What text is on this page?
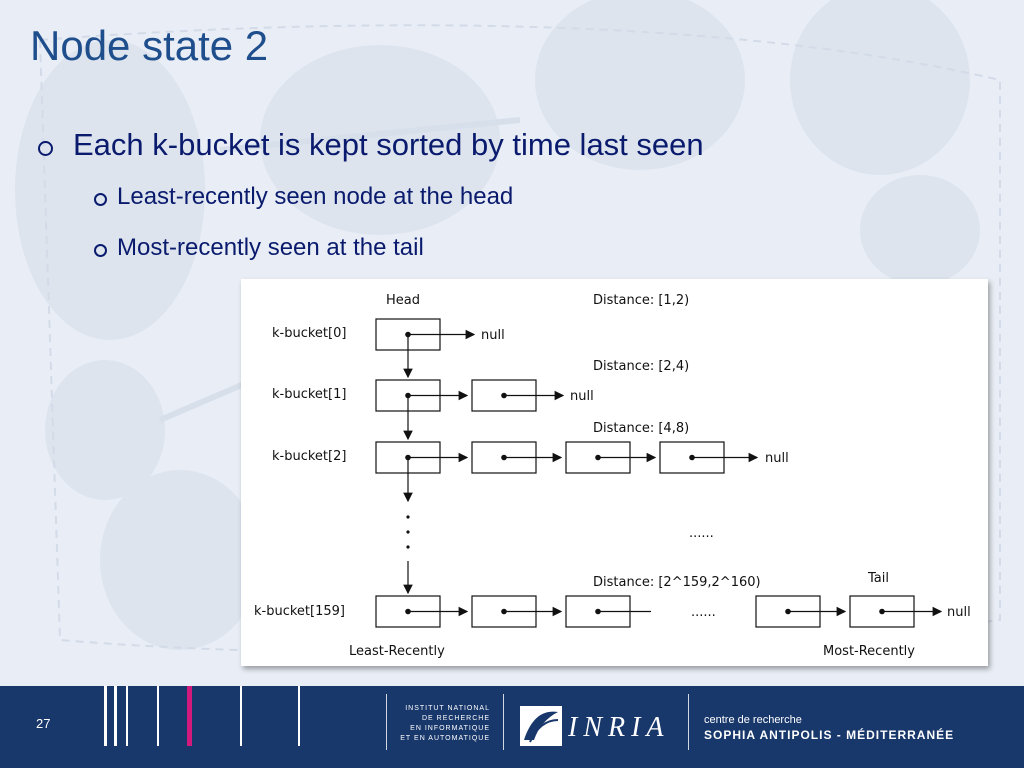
Node state 2
Each k-bucket is kept sorted by time last seen
Least-recently seen node at the head
Most-recently seen at the tail
Head
Tail
k-bucket[0]
k-bucket[1]
k-bucket[2]
k-bucket[159]
Distance: [1,2)
Distance: [2,4)
Distance: [4,8)
Distance: [2^159,2^160)
null
null
null
......
......	null
Least-Recently	Most-Recently
27
INSTITUT NATIONAL
DE RECHERCHE
EN INFORMATIQUE
ET EN AUTOMATIQUE	INRIA	centre de recherche
SOPHIA ANTIPOLIS - MÉDITERRANÉE
